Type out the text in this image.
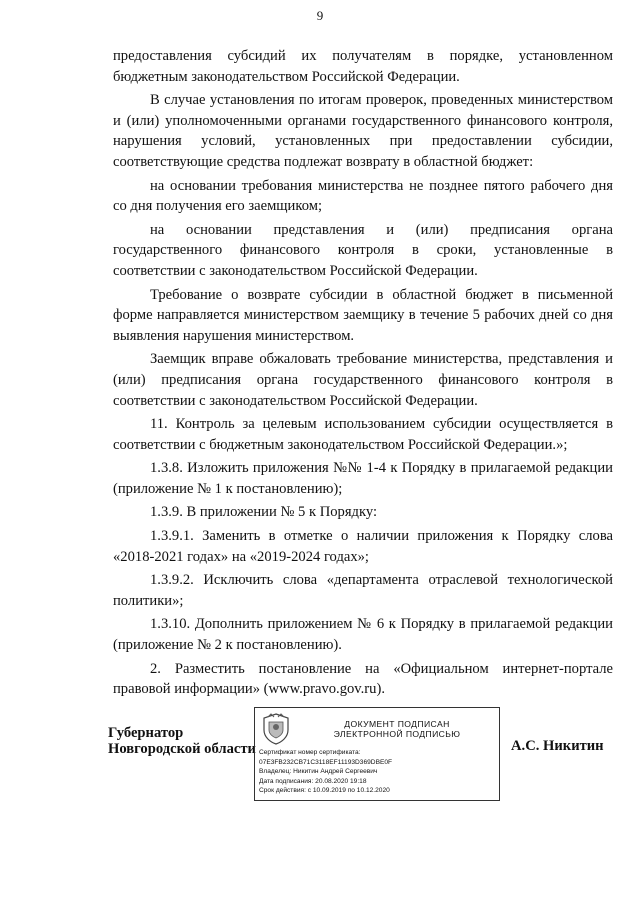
9

предоставления субсидий их получателям в порядке, установленном бюджетным законодательством Российской Федерации.

В случае установления по итогам проверок, проведенных министерством и (или) уполномоченными органами государственного финансового контроля, нарушения условий, установленных при предоставлении субсидии, соответствующие средства подлежат возврату в областной бюджет:

на основании требования министерства не позднее пятого рабочего дня со дня получения его заемщиком;

на основании представления и (или) предписания органа государственного финансового контроля в сроки, установленные в соответствии с законодательством Российской Федерации.

Требование о возврате субсидии в областной бюджет в письменной форме направляется министерством заемщику в течение 5 рабочих дней со дня выявления нарушения министерством.

Заемщик вправе обжаловать требование министерства, представления и (или) предписания органа государственного финансового контроля в соответствии с законодательством Российской Федерации.

11. Контроль за целевым использованием субсидии осуществляется в соответствии с бюджетным законодательством Российской Федерации.»;

1.3.8. Изложить приложения №№ 1-4 к Порядку в прилагаемой редакции (приложение № 1 к постановлению);

1.3.9. В приложении № 5 к Порядку:

1.3.9.1. Заменить в отметке о наличии приложения к Порядку слова «2018-2021 годах» на «2019-2024 годах»;

1.3.9.2. Исключить слова «департамента отраслевой технологической политики»;

1.3.10. Дополнить приложением № 6 к Порядку в прилагаемой редакции (приложение № 2 к постановлению).

2. Разместить постановление на «Официальном интернет-портале правовой информации» (www.pravo.gov.ru).

Губернатор
Новгородской области
ДОКУМЕНТ ПОДПИСАН
ЭЛЕКТРОННОЙ ПОДПИСЬЮ
Сертификат номер сертификата:
07E3FB232CB71C3118EF11193D369DBE0F
Владелец: Никитин Андрей Сергеевич
Дата подписания: 20.08.2020 19:18
Срок действия: с 10.09.2019 по 10.12.2020
А.С. Никитин
